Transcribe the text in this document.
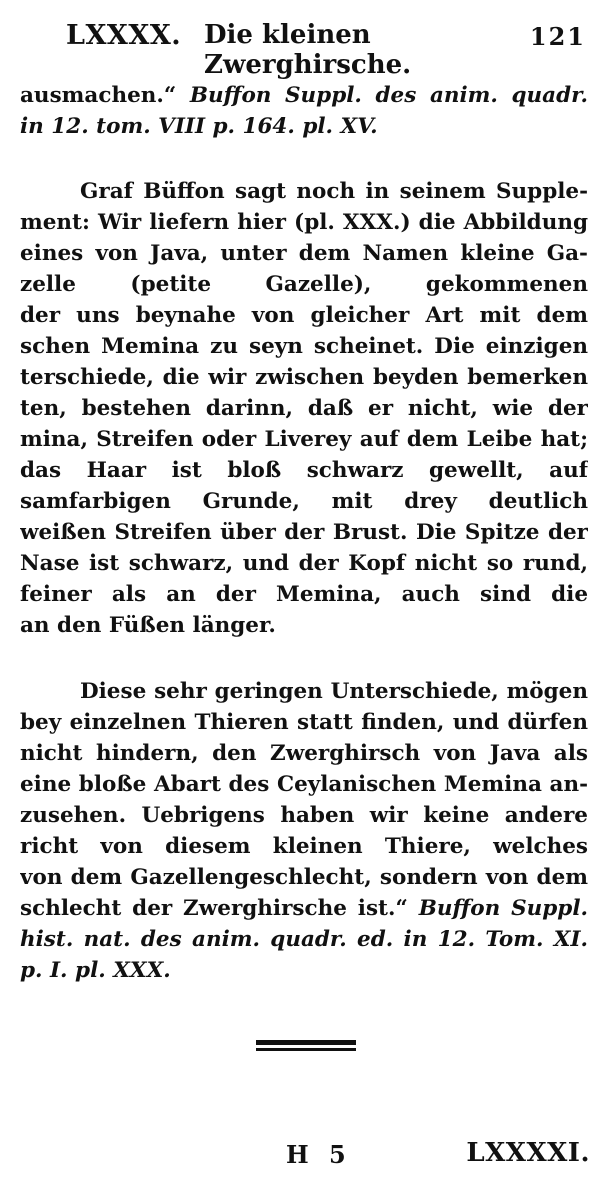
LXXXX. Die kleinen Zwerghirsche.
121
ausmachen.“ Buffon Suppl. des anim. quadr.
in 12. tom. VIII p. 164. pl. XV.
Graf Büffon sagt noch in seinem Supple-
ment: Wir liefern hier (pl. XXX.) die Abbildung
eines von Java, unter dem Namen kleine Ga-
zelle (petite Gazelle), gekommenen
der uns beynahe von gleicher Art mit dem
schen Memina zu seyn scheinet. Die einzigen
terschiede, die wir zwischen beyden bemerken
ten, bestehen darinn, daß er nicht, wie der
mina, Streifen oder Liverey auf dem Leibe hat;
das Haar ist bloß schwarz gewellt, auf
samfarbigen Grunde, mit drey deutlich
weißen Streifen über der Brust. Die Spitze der
Nase ist schwarz, und der Kopf nicht so rund,
feiner als an der Memina, auch sind die
an den Füßen länger.
Diese sehr geringen Unterschiede, mögen
bey einzelnen Thieren statt finden, und dürfen
nicht hindern, den Zwerghirsch von Java als
eine bloße Abart des Ceylanischen Memina an-
zusehen. Uebrigens haben wir keine andere
richt von diesem kleinen Thiere, welches
von dem Gazellengeschlecht, sondern von dem
schlecht der Zwerghirsche ist.“ Buffon Suppl.
hist. nat. des anim. quadr. ed. in 12. Tom. XI.
p. I. pl. XXX.
H 5	LXXXXI.
